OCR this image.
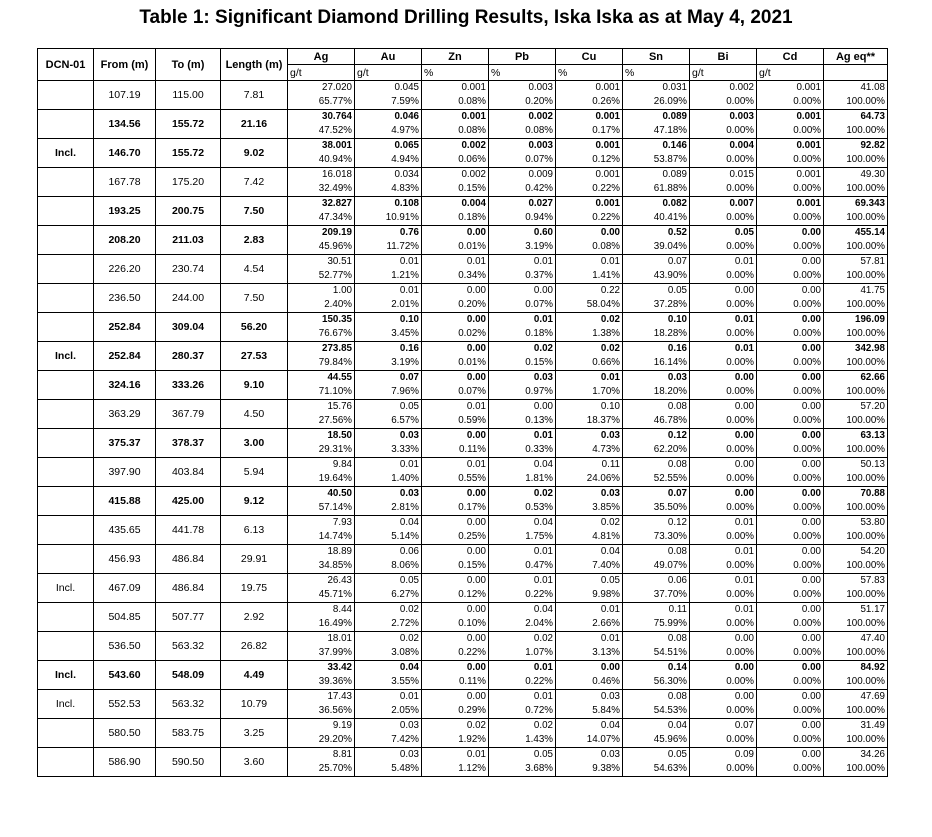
Table 1: Significant Diamond Drilling Results, Iska Iska as at May 4, 2021
DCN-01	From (m)	To (m)	Length (m)	Ag	Au	Zn	Pb	Cu	Sn	Bi	Cd	Ag eq**
				g/t	g/t	%	%	%	%	g/t	g/t	
	107.19	115.00	7.81	27.020	0.045	0.001	0.003	0.001	0.031	0.002	0.001	41.08
				65.77%	7.59%	0.08%	0.20%	0.26%	26.09%	0.00%	0.00%	100.00%
	134.56	155.72	21.16	30.764	0.046	0.001	0.002	0.001	0.089	0.003	0.001	64.73
				47.52%	4.97%	0.08%	0.08%	0.17%	47.18%	0.00%	0.00%	100.00%
Incl.	146.70	155.72	9.02	38.001	0.065	0.002	0.003	0.001	0.146	0.004	0.001	92.82
				40.94%	4.94%	0.06%	0.07%	0.12%	53.87%	0.00%	0.00%	100.00%
	167.78	175.20	7.42	16.018	0.034	0.002	0.009	0.001	0.089	0.015	0.001	49.30
				32.49%	4.83%	0.15%	0.42%	0.22%	61.88%	0.00%	0.00%	100.00%
	193.25	200.75	7.50	32.827	0.108	0.004	0.027	0.001	0.082	0.007	0.001	69.343
				47.34%	10.91%	0.18%	0.94%	0.22%	40.41%	0.00%	0.00%	100.00%
	208.20	211.03	2.83	209.19	0.76	0.00	0.60	0.00	0.52	0.05	0.00	455.14
				45.96%	11.72%	0.01%	3.19%	0.08%	39.04%	0.00%	0.00%	100.00%
	226.20	230.74	4.54	30.51	0.01	0.01	0.01	0.01	0.07	0.01	0.00	57.81
				52.77%	1.21%	0.34%	0.37%	1.41%	43.90%	0.00%	0.00%	100.00%
	236.50	244.00	7.50	1.00	0.01	0.00	0.00	0.22	0.05	0.00	0.00	41.75
				2.40%	2.01%	0.20%	0.07%	58.04%	37.28%	0.00%	0.00%	100.00%
	252.84	309.04	56.20	150.35	0.10	0.00	0.01	0.02	0.10	0.01	0.00	196.09
				76.67%	3.45%	0.02%	0.18%	1.38%	18.28%	0.00%	0.00%	100.00%
Incl.	252.84	280.37	27.53	273.85	0.16	0.00	0.02	0.02	0.16	0.01	0.00	342.98
				79.84%	3.19%	0.01%	0.15%	0.66%	16.14%	0.00%	0.00%	100.00%
	324.16	333.26	9.10	44.55	0.07	0.00	0.03	0.01	0.03	0.00	0.00	62.66
				71.10%	7.96%	0.07%	0.97%	1.70%	18.20%	0.00%	0.00%	100.00%
	363.29	367.79	4.50	15.76	0.05	0.01	0.00	0.10	0.08	0.00	0.00	57.20
				27.56%	6.57%	0.59%	0.13%	18.37%	46.78%	0.00%	0.00%	100.00%
	375.37	378.37	3.00	18.50	0.03	0.00	0.01	0.03	0.12	0.00	0.00	63.13
				29.31%	3.33%	0.11%	0.33%	4.73%	62.20%	0.00%	0.00%	100.00%
	397.90	403.84	5.94	9.84	0.01	0.01	0.04	0.11	0.08	0.00	0.00	50.13
				19.64%	1.40%	0.55%	1.81%	24.06%	52.55%	0.00%	0.00%	100.00%
	415.88	425.00	9.12	40.50	0.03	0.00	0.02	0.03	0.07	0.00	0.00	70.88
				57.14%	2.81%	0.17%	0.53%	3.85%	35.50%	0.00%	0.00%	100.00%
	435.65	441.78	6.13	7.93	0.04	0.00	0.04	0.02	0.12	0.01	0.00	53.80
				14.74%	5.14%	0.25%	1.75%	4.81%	73.30%	0.00%	0.00%	100.00%
	456.93	486.84	29.91	18.89	0.06	0.00	0.01	0.04	0.08	0.01	0.00	54.20
				34.85%	8.06%	0.15%	0.47%	7.40%	49.07%	0.00%	0.00%	100.00%
Incl.	467.09	486.84	19.75	26.43	0.05	0.00	0.01	0.05	0.06	0.01	0.00	57.83
				45.71%	6.27%	0.12%	0.22%	9.98%	37.70%	0.00%	0.00%	100.00%
	504.85	507.77	2.92	8.44	0.02	0.00	0.04	0.01	0.11	0.01	0.00	51.17
				16.49%	2.72%	0.10%	2.04%	2.66%	75.99%	0.00%	0.00%	100.00%
	536.50	563.32	26.82	18.01	0.02	0.00	0.02	0.01	0.08	0.00	0.00	47.40
				37.99%	3.08%	0.22%	1.07%	3.13%	54.51%	0.00%	0.00%	100.00%
Incl.	543.60	548.09	4.49	33.42	0.04	0.00	0.01	0.00	0.14	0.00	0.00	84.92
				39.36%	3.55%	0.11%	0.22%	0.46%	56.30%	0.00%	0.00%	100.00%
Incl.	552.53	563.32	10.79	17.43	0.01	0.00	0.01	0.03	0.08	0.00	0.00	47.69
				36.56%	2.05%	0.29%	0.72%	5.84%	54.53%	0.00%	0.00%	100.00%
	580.50	583.75	3.25	9.19	0.03	0.02	0.02	0.04	0.04	0.07	0.00	31.49
				29.20%	7.42%	1.92%	1.43%	14.07%	45.96%	0.00%	0.00%	100.00%
	586.90	590.50	3.60	8.81	0.03	0.01	0.05	0.03	0.05	0.09	0.00	34.26
				25.70%	5.48%	1.12%	3.68%	9.38%	54.63%	0.00%	0.00%	100.00%
